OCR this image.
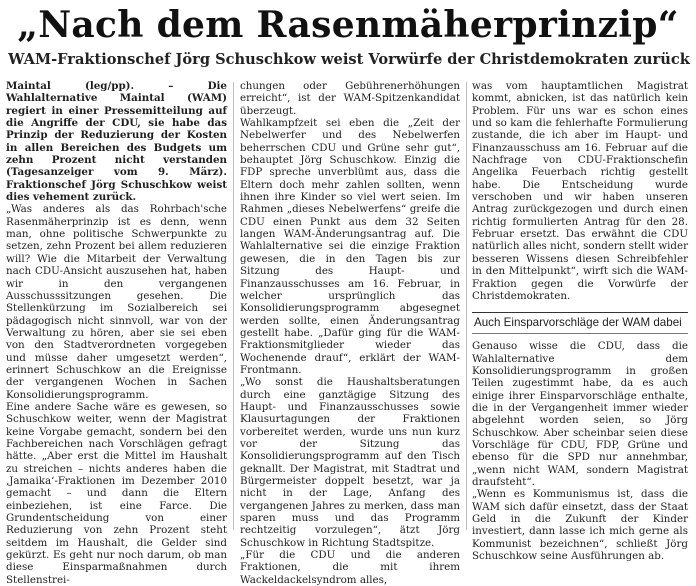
„Nach dem Rasenmäherprinzip“
WAM-Fraktionschef Jörg Schuschkow weist Vorwürfe der Christdemokraten zurück

Maintal (leg/pp). – Die Wahlalternative Maintal (WAM) regiert in einer Pressemitteilung auf die Angriffe der CDU, sie habe das Prinzip der Reduzierung der Kosten in allen Bereichen des Budgets um zehn Prozent nicht verstanden (Tagesanzeiger vom 9. März). Fraktionschef Jörg Schuschkow weist dies vehement zurück.

„Was anderes als das Rohrbach'sche Rasenmäherprinzip ist es denn, wenn man, ohne politische Schwerpunkte zu setzen, zehn Prozent bei allem reduzieren will? Wie die Mitarbeit der Verwaltung nach CDU-Ansicht auszusehen hat, haben wir in den vergangenen Ausschusssitzungen gesehen. Die Stellenkürzung im Sozialbereich sei pädagogisch nicht sinnvoll, war von der Verwaltung zu hören, aber sie sei eben von den Stadtverordneten vorgegeben und müsse daher umgesetzt werden“, erinnert Schuschkow an die Ereignisse der vergangenen Wochen in Sachen Konsolidierungsprogramm.

Eine andere Sache wäre es gewesen, so Schuschkow weiter, wenn der Magistrat keine Vorgabe gemacht, sondern bei den Fachbereichen nach Vorschlägen gefragt hätte. „Aber erst die Mittel im Haushalt zu streichen – nichts anderes haben die ‚Jamaika‘-Fraktionen im Dezember 2010 gemacht – und dann die Eltern einbeziehen, ist eine Farce. Die Grundentscheidung von einer Reduzierung von zehn Prozent steht seitdem im Haushalt, die Gelder sind gekürzt. Es geht nur noch darum, ob man diese Einsparmaßnahmen durch Stellenstrei-

chungen oder Gebührenerhöhungen erreicht“, ist der WAM-Spitzenkandidat überzeugt.

Wahlkampfzeit sei eben die „Zeit der Nebelwerfer und des Nebelwerfen beherrschen CDU und Grüne sehr gut“, behauptet Jörg Schuschkow. Einzig die FDP spreche unverblümt aus, dass die Eltern doch mehr zahlen sollten, wenn ihnen ihre Kinder so viel wert seien. Im Rahmen „dieses Nebelwerfens“ greife die CDU einen Punkt aus dem 32 Seiten langen WAM-Änderungsantrag auf. Die Wahlalternative sei die einzige Fraktion gewesen, die in den Tagen bis zur Sitzung des Haupt- und Finanzausschusses am 16. Februar, in welcher ursprünglich das Konsolidierungsprogramm abgesegnet werden sollte, einen Änderungsantrag gestellt habe. „Dafür ging für die WAM-Fraktionsmitglieder wieder das Wochenende drauf“, erklärt der WAM-Frontmann.

„Wo sonst die Haushaltsberatungen durch eine ganztägige Sitzung des Haupt- und Finanzausschusses sowie Klausurtagungen der Fraktionen vorbereitet werden, wurde uns nun kurz vor der Sitzung das Konsolidierungsprogramm auf den Tisch geknallt. Der Magistrat, mit Stadtrat und Bürgermeister doppelt besetzt, war ja nicht in der Lage, Anfang des vergangenen Jahres zu merken, dass man sparen muss und das Programm rechtzeitig vorzulegen“, ätzt Jörg Schuschkow in Richtung Stadtspitze.

„Für die CDU und die anderen Fraktionen, die mit ihrem Wackeldackelsyndrom alles,

was vom hauptamtlichen Magistrat kommt, abnicken, ist das natürlich kein Problem. Für uns war es schon eines und so kam die fehlerhafte Formulierung zustande, die ich aber im Haupt- und Finanzausschuss am 16. Februar auf die Nachfrage von CDU-Fraktionschefin Angelika Feuerbach richtig gestellt habe. Die Entscheidung wurde verschoben und wir haben unseren Antrag zurückgezogen und durch einen richtig formulierten Antrag für den 28. Februar ersetzt. Das erwähnt die CDU natürlich alles nicht, sondern stellt wider besseren Wissens diesen Schreibfehler in den Mittelpunkt“, wirft sich die WAM-Fraktion gegen die Vorwürfe der Christdemokraten.

Auch Einsparvorschläge der WAM dabei

Genauso wisse die CDU, dass die Wahlalternative dem Konsolidierungsprogramm in großen Teilen zugestimmt habe, da es auch einige ihrer Einsparvorschläge enthalte, die in der Vergangenheit immer wieder abgelehnt worden seien, so Jörg Schuschkow. Aber scheinbar seien diese Vorschläge für CDU, FDP, Grüne und ebenso für die SPD nur annehmbar, „wenn nicht WAM, sondern Magistrat draufsteht“.

„Wenn es Kommunismus ist, dass die WAM sich dafür einsetzt, dass der Staat Geld in die Zukunft der Kinder investiert, dann lasse ich mich gerne als Kommunist bezeichnen“, schließt Jörg Schuschkow seine Ausführungen ab.
